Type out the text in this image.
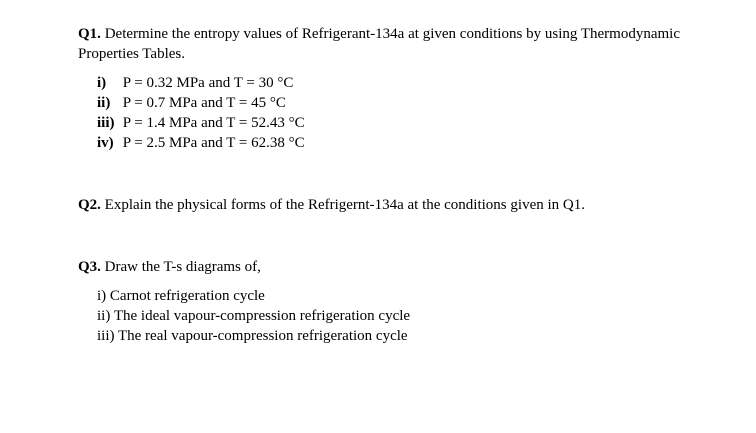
Q1. Determine the entropy values of Refrigerant-134a at given conditions by using Thermodynamic Properties Tables.

i) P = 0.32 MPa and T = 30 °C
ii) P = 0.7 MPa and T = 45 °C
iii) P = 1.4 MPa and T = 52.43 °C
iv) P = 2.5 MPa and T = 62.38 °C

Q2. Explain the physical forms of the Refrigernt-134a at the conditions given in Q1.

Q3. Draw the T-s diagrams of,

i) Carnot refrigeration cycle
ii) The ideal vapour-compression refrigeration cycle
iii) The real vapour-compression refrigeration cycle
